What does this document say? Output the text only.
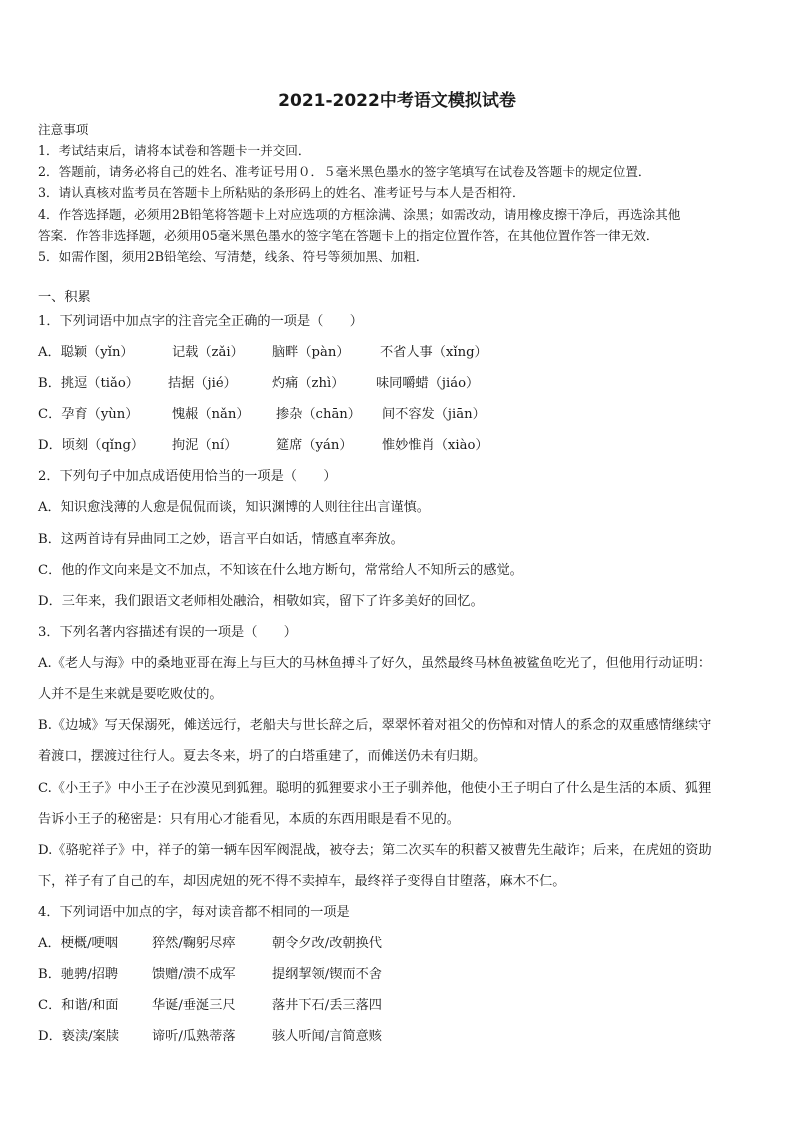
2021-2022中考语文模拟试卷
注意事项
1．考试结束后，请将本试卷和答题卡一并交回．
2．答题前，请务必将自己的姓名、准考证号用０．５毫米黑色墨水的签字笔填写在试卷及答题卡的规定位置．
3．请认真核对监考员在答题卡上所粘贴的条形码上的姓名、准考证号与本人是否相符．
4．作答选择题，必须用2B铅笔将答题卡上对应选项的方框涂满、涂黑；如需改动，请用橡皮擦干净后，再选涂其他
答案．作答非选择题，必须用05毫米黑色墨水的签字笔在答题卡上的指定位置作答，在其他位置作答一律无效．
5．如需作图，须用2B铅笔绘、写清楚，线条、符号等须加黑、加粗．
一、积累
1．下列词语中加点字的注音完全正确的一项是（　　）
A．聪颖（yǐn）	记载（zǎi） 脑畔（pàn） 不省人事（xǐng）
B．挑逗（tiǎo） 拮据（jié）	灼痛（zhì） 味同嚼蜡（jiáo）
C．孕育（yùn）	愧赧（nǎn） 掺杂（chān） 间不容发（jiān）
D．顷刻（qǐng） 拘泥（ní）	筵席（yán） 惟妙惟肖（xiào）
2．下列句子中加点成语使用恰当的一项是（　　）
A．知识愈浅薄的人愈是侃侃而谈，知识渊博的人则往往出言谨慎。
B．这两首诗有异曲同工之妙，语言平白如话，情感直率奔放。
C．他的作文向来是文不加点，不知该在什么地方断句，常常给人不知所云的感觉。
D．三年来，我们跟语文老师相处融洽，相敬如宾，留下了许多美好的回忆。
3．下列名著内容描述有误的一项是（　　）
A.《老人与海》中的桑地亚哥在海上与巨大的马林鱼搏斗了好久，虽然最终马林鱼被鲨鱼吃光了，但他用行动证明：
人并不是生来就是要吃败仗的。
B.《边城》写天保溺死，傩送远行，老船夫与世长辞之后，翠翠怀着对祖父的伤悼和对情人的系念的双重感情继续守
着渡口，摆渡过往行人。夏去冬来，坍了的白塔重建了，而傩送仍未有归期。
C.《小王子》中小王子在沙漠见到狐狸。聪明的狐狸要求小王子驯养他，他使小王子明白了什么是生活的本质、狐狸
告诉小王子的秘密是：只有用心才能看见，本质的东西用眼是看不见的。
D.《骆驼祥子》中，祥子的第一辆车因军阀混战，被夺去；第二次买车的积蓄又被曹先生敲诈；后来，在虎妞的资助
下，祥子有了自己的车，却因虎妞的死不得不卖掉车，最终祥子变得自甘堕落，麻木不仁。
4．下列词语中加点的字，每对读音都不相同的一项是
A．梗概/哽咽	猝然/鞠躬尽瘁	朝令夕改/改朝换代
B．驰骋/招聘	馈赠/溃不成军	提纲挈领/锲而不舍
C．和谐/和面	华诞/垂涎三尺	落井下石/丢三落四
D．亵渎/案牍	谛听/瓜熟蒂落	骇人听闻/言简意赅
